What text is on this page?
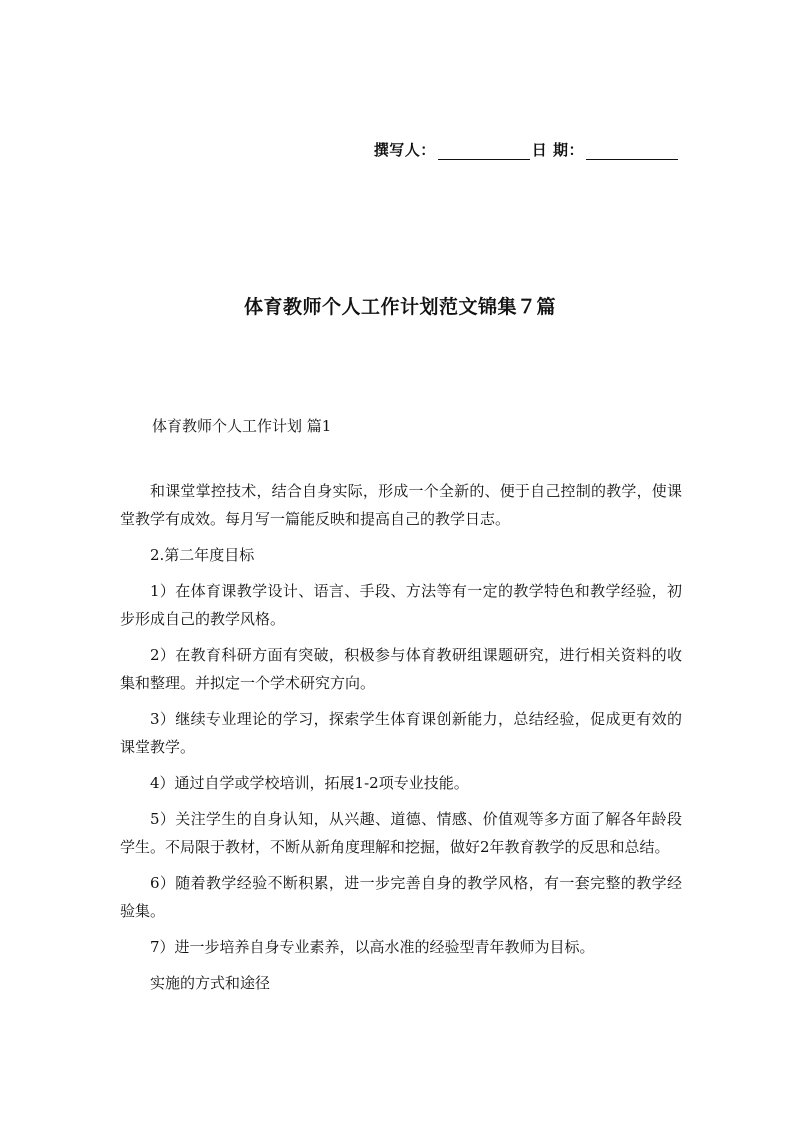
撰写人：	日 期：
体育教师个人工作计划范文锦集７篇
体育教师个人工作计划 篇1

和课堂掌控技术，结合自身实际，形成一个全新的、便于自己控制的教学，使课堂教学有成效。每月写一篇能反映和提高自己的教学日志。

2.第二年度目标

1）在体育课教学设计、语言、手段、方法等有一定的教学特色和教学经验，初步形成自己的教学风格。

2）在教育科研方面有突破，积极参与体育教研组课题研究，进行相关资料的收集和整理。并拟定一个学术研究方向。

3）继续专业理论的学习，探索学生体育课创新能力，总结经验，促成更有效的课堂教学。

4）通过自学或学校培训，拓展1-2项专业技能。

5）关注学生的自身认知，从兴趣、道德、情感、价值观等多方面了解各年龄段学生。不局限于教材，不断从新角度理解和挖掘，做好2年教育教学的反思和总结。

6）随着教学经验不断积累，进一步完善自身的教学风格，有一套完整的教学经验集。

7）进一步培养自身专业素养，以高水准的经验型青年教师为目标。

实施的方式和途径
